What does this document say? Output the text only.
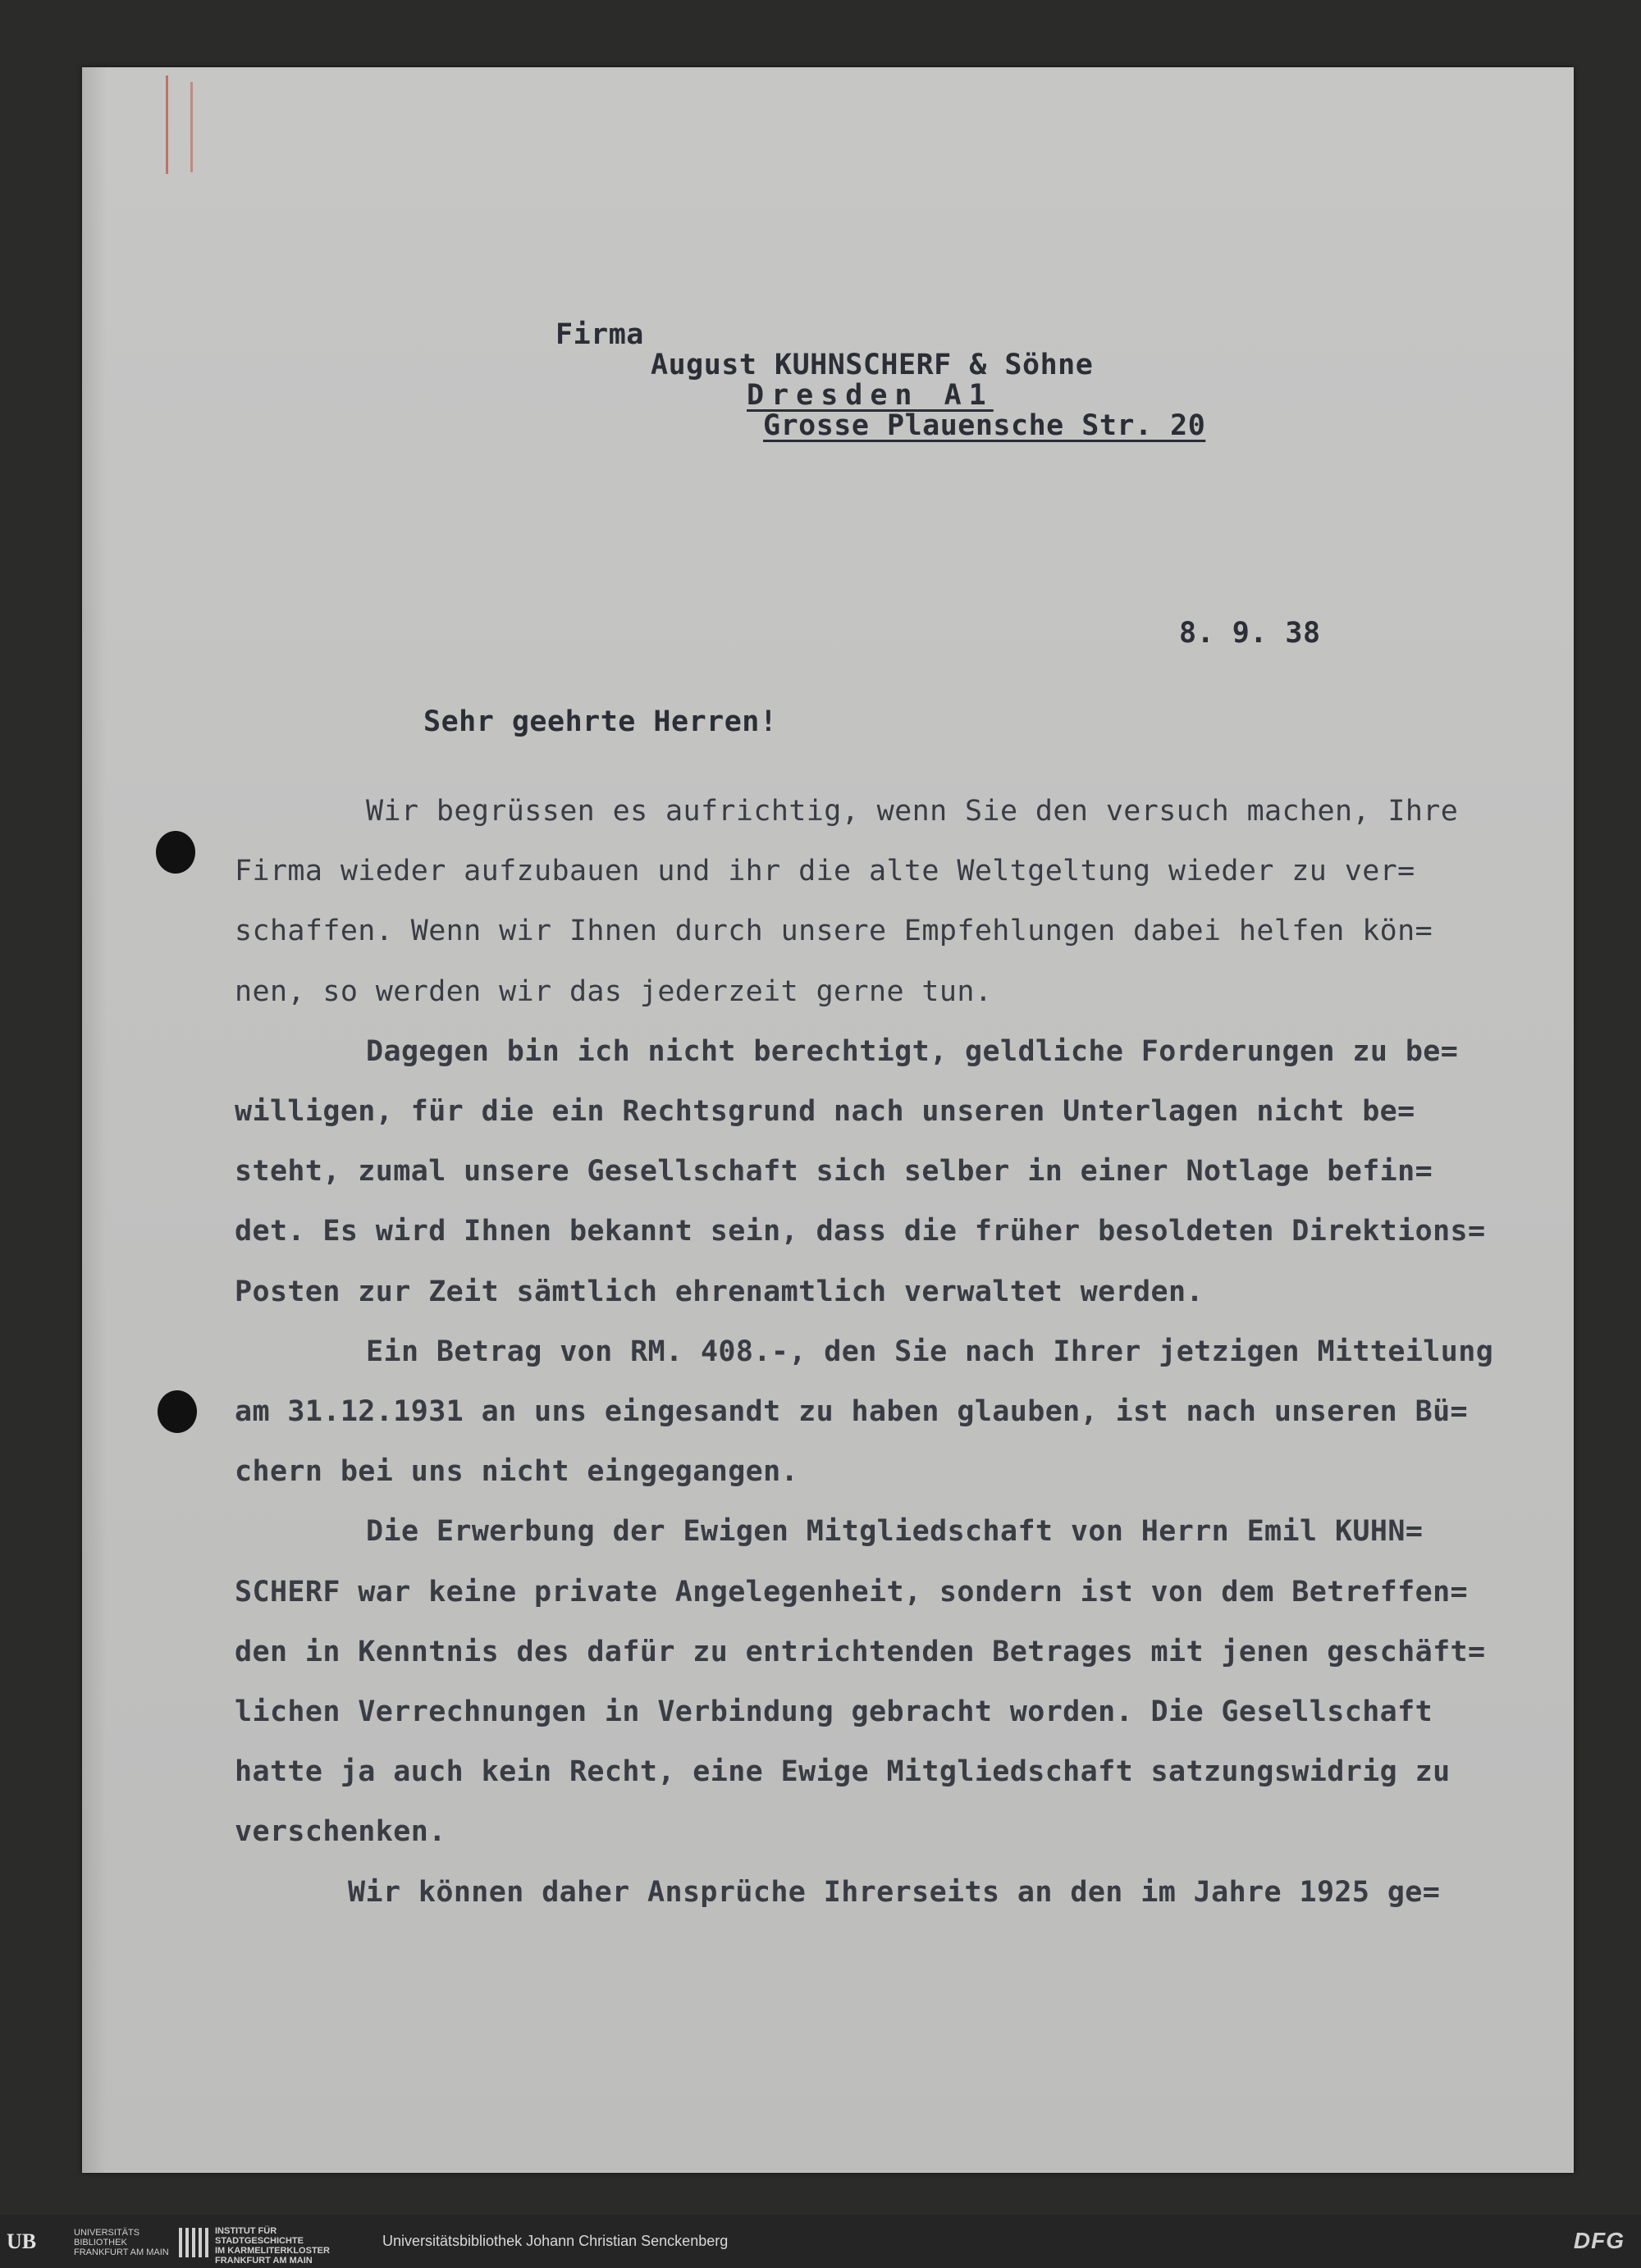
Firma
August KUHNSCHERF & Söhne
Dresden A1
Grosse Plauensche Str. 20
8. 9. 38
Sehr geehrte Herren!
Wir begrüssen es aufrichtig, wenn Sie den versuch machen, Ihre
Firma wieder aufzubauen und ihr die alte Weltgeltung wieder zu ver=
schaffen. Wenn wir Ihnen durch unsere Empfehlungen dabei helfen kön=
nen, so werden wir das jederzeit gerne tun.
Dagegen bin ich nicht berechtigt, geldliche Forderungen zu be=
willigen, für die ein Rechtsgrund nach unseren Unterlagen nicht be=
steht, zumal unsere Gesellschaft sich selber in einer Notlage befin=
det. Es wird Ihnen bekannt sein, dass die früher besoldeten Direktions=
Posten zur Zeit sämtlich ehrenamtlich verwaltet werden.
Ein Betrag von RM. 408.-, den Sie nach Ihrer jetzigen Mitteilung
am 31.12.1931 an uns eingesandt zu haben glauben, ist nach unseren Bü=
chern bei uns nicht eingegangen.
Die Erwerbung der Ewigen Mitgliedschaft von Herrn Emil KUHN=
SCHERF war keine private Angelegenheit, sondern ist von dem Betreffen=
den in Kenntnis des dafür zu entrichtenden Betrages mit jenen geschäft=
lichen Verrechnungen in Verbindung gebracht worden. Die Gesellschaft
hatte ja auch kein Recht, eine Ewige Mitgliedschaft satzungswidrig zu
verschenken.
Wir können daher Ansprüche Ihrerseits an den im Jahre 1925 ge=
UB	UNIVERSITÄTS
BIBLIOTHEK
FRANKFURT AM MAIN
INSTITUT FÜR
STADTGESCHICHTE
IM KARMELITERKLOSTER
FRANKFURT AM MAIN
Universitätsbibliothek Johann Christian Senckenberg	DFG
